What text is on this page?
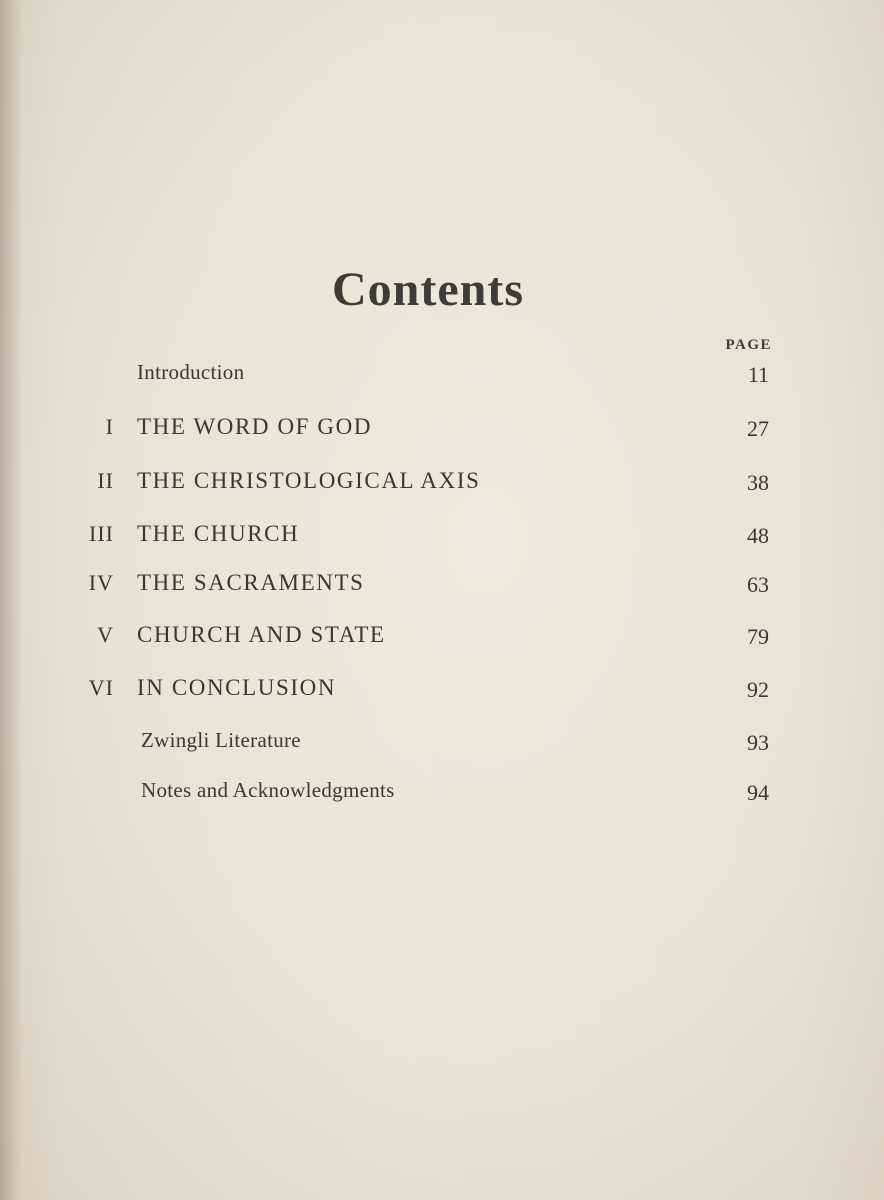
Contents
PAGE
Introduction	11
I THE WORD OF GOD	27
II THE CHRISTOLOGICAL AXIS	38
III THE CHURCH	48
IV THE SACRAMENTS	63
V CHURCH AND STATE	79
VI IN CONCLUSION	92
Zwingli Literature	93
Notes and Acknowledgments	94
